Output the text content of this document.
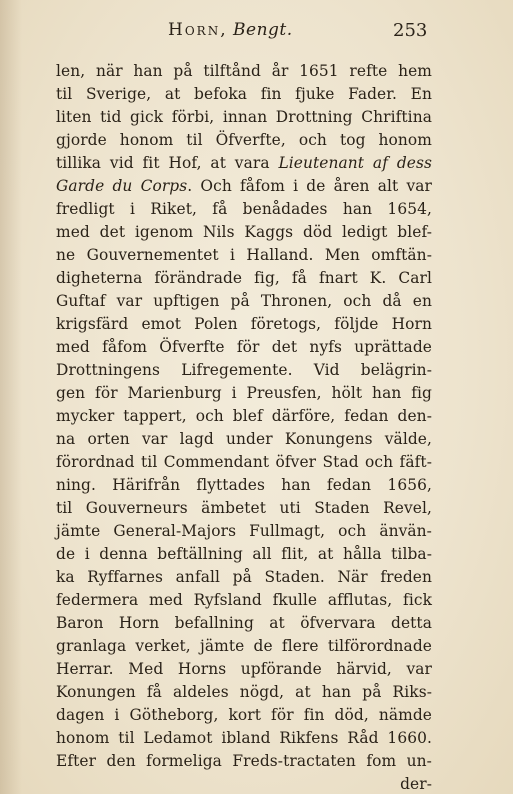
Horn, Bengt.	253
len, när han på tilftånd år 1651 refte hem
til Sverige, at befoka fin fjuke Fader. En
liten tid gick förbi, innan Drottning Chriftina
gjorde honom til Öfverfte, och tog honom
tillika vid fit Hof, at vara Lieutenant af dess
Garde du Corps. Och fåfom i de åren alt var
fredligt i Riket, få benådades han 1654,
med det igenom Nils Kaggs död ledigt blef-
ne Gouvernementet i Halland. Men omftän-
digheterna förändrade fig, få fnart K. Carl
Guftaf var upftigen på Thronen, och då en
krigsfärd emot Polen företogs, följde Horn
med fåfom Öfverfte för det nyfs uprättade
Drottningens Lifregemente. Vid belägrin-
gen för Marienburg i Preusfen, hölt han fig
mycker tappert, och blef därföre, fedan den-
na orten var lagd under Konungens välde,
förordnad til Commendant öfver Stad och fäft-
ning. Härifrån flyttades han fedan 1656,
til Gouverneurs ämbetet uti Staden Revel,
jämte General-Majors Fullmagt, och änvän-
de i denna beftällning all flit, at hålla tilba-
ka Ryffarnes anfall på Staden. När freden
federmera med Ryfsland fkulle afflutas, fick
Baron Horn befallning at öfvervara detta
granlaga verket, jämte de flere tilförordnade
Herrar. Med Horns upförande härvid, var
Konungen få aldeles nögd, at han på Riks-
dagen i Götheborg, kort för fin död, nämde
honom til Ledamot ibland Rikfens Råd 1660.
Efter den formeliga Freds-tractaten fom un-
der-
